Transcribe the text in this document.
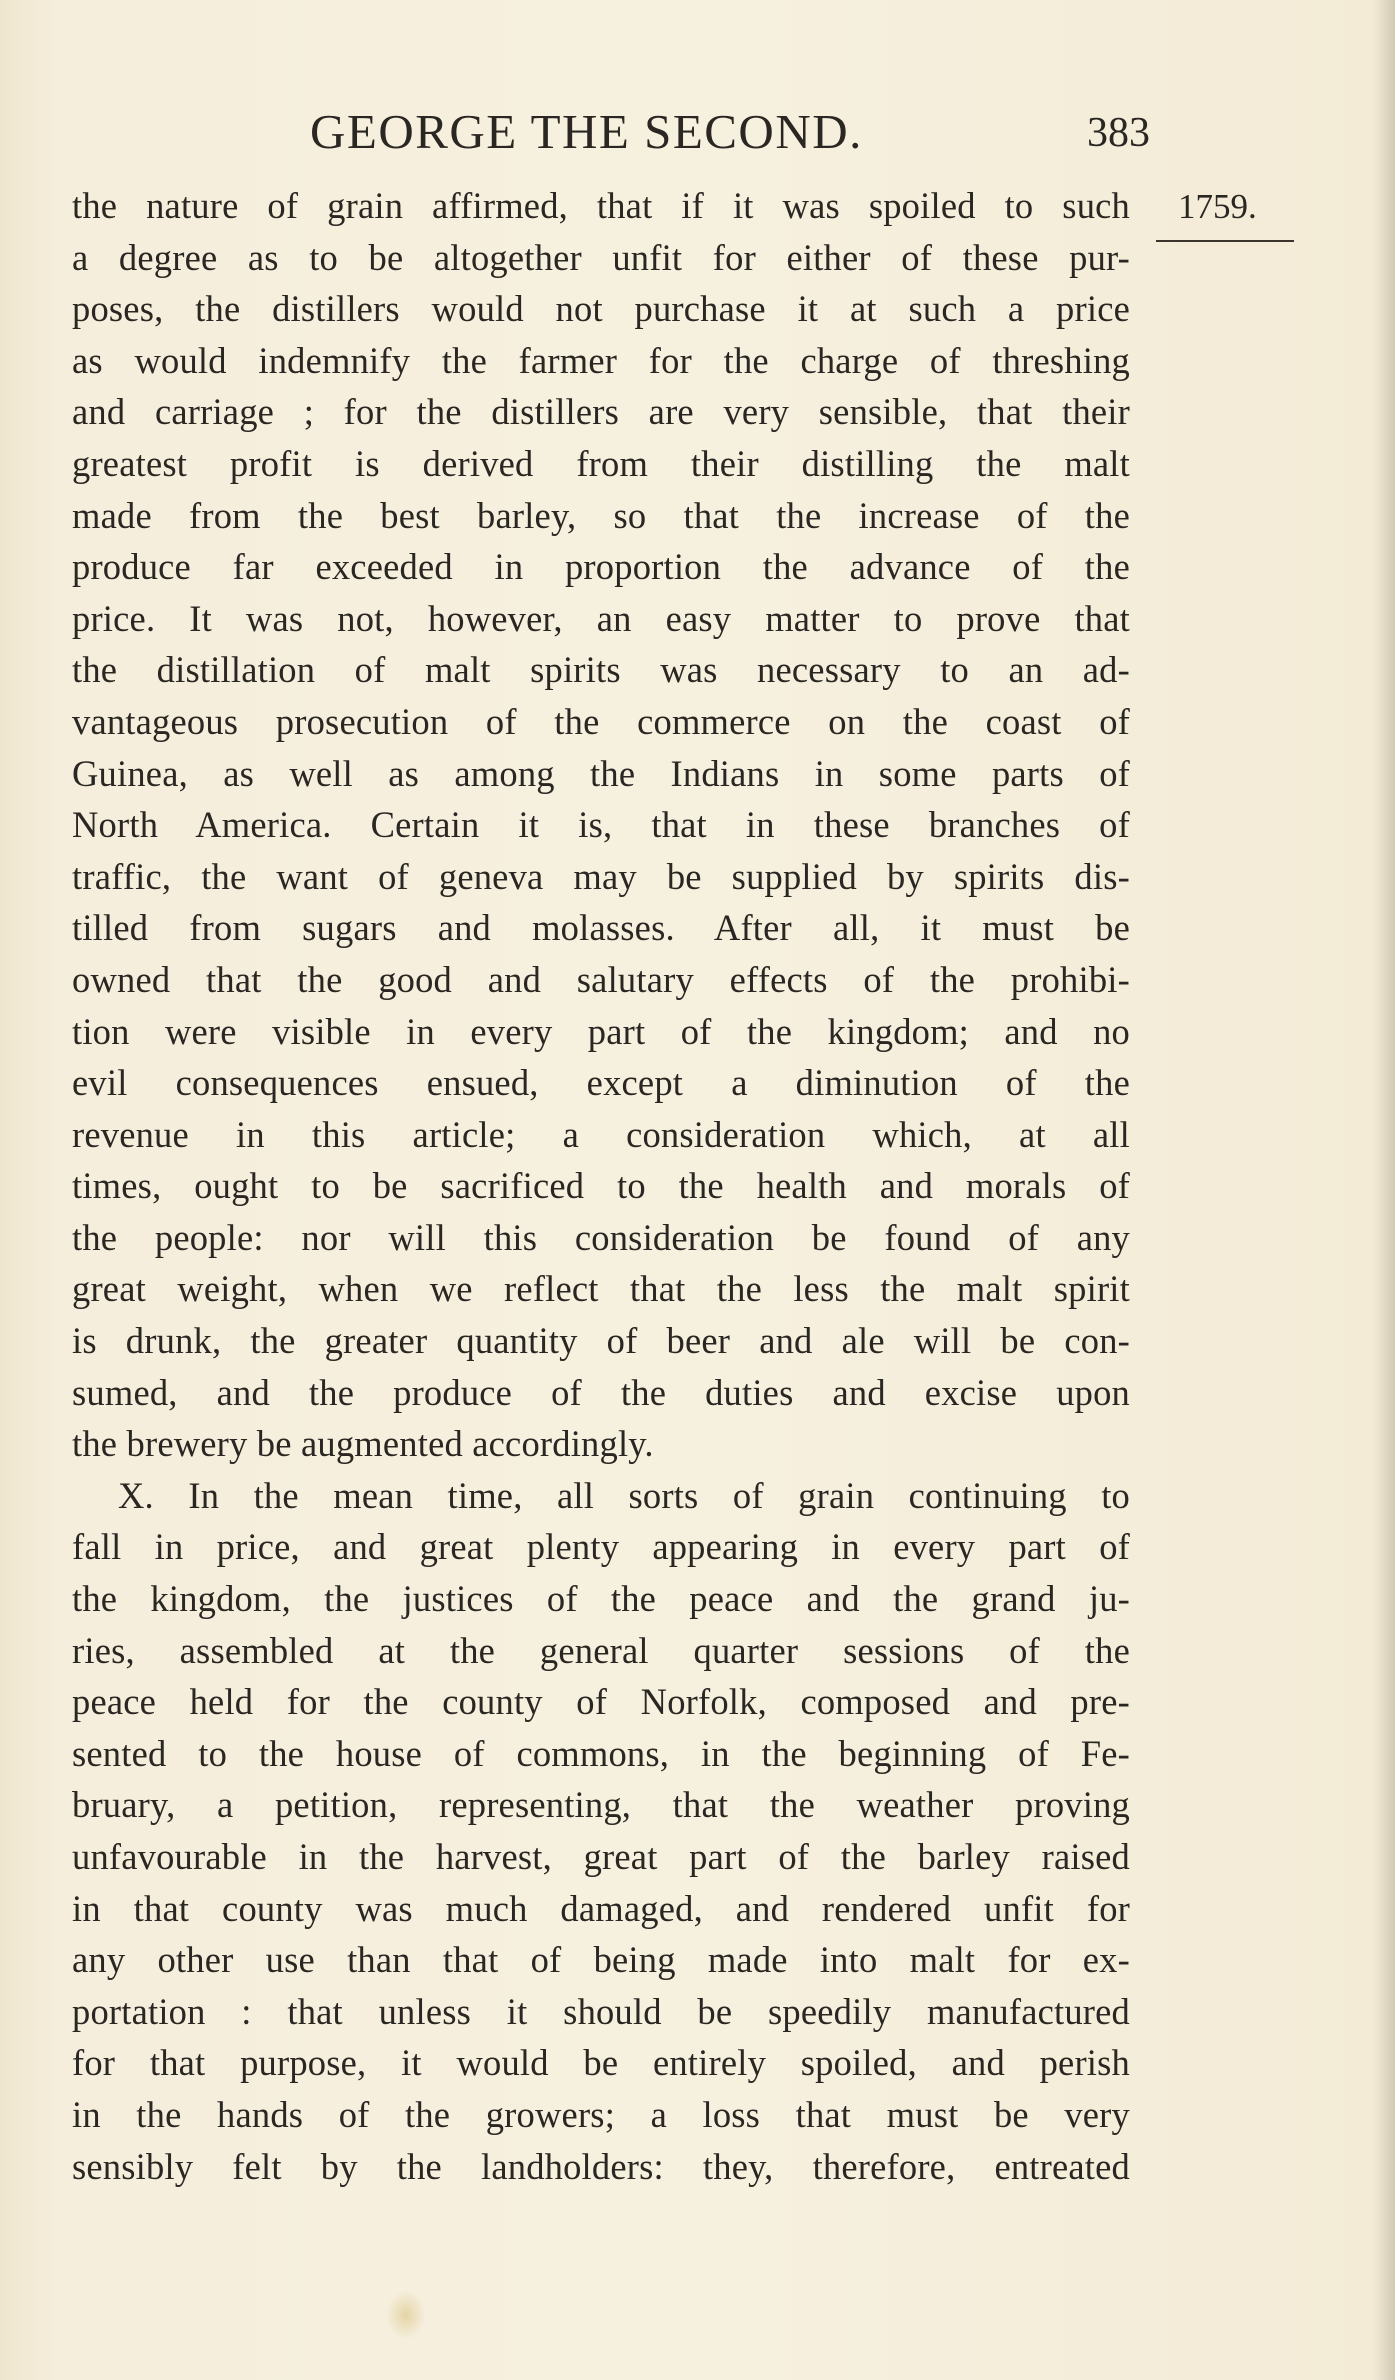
GEORGE THE SECOND.	383
1759.
the nature of grain affirmed, that if it was spoiled to such
a degree as to be altogether unfit for either of these pur-
poses, the distillers would not purchase it at such a price
as would indemnify the farmer for the charge of threshing
and carriage ; for the distillers are very sensible, that their
greatest profit is derived from their distilling the malt
made from the best barley, so that the increase of the
produce far exceeded in proportion the advance of the
price. It was not, however, an easy matter to prove that
the distillation of malt spirits was necessary to an ad-
vantageous prosecution of the commerce on the coast of
Guinea, as well as among the Indians in some parts of
North America. Certain it is, that in these branches of
traffic, the want of geneva may be supplied by spirits dis-
tilled from sugars and molasses. After all, it must be
owned that the good and salutary effects of the prohibi-
tion were visible in every part of the kingdom; and no
evil consequences ensued, except a diminution of the
revenue in this article; a consideration which, at all
times, ought to be sacrificed to the health and morals of
the people: nor will this consideration be found of any
great weight, when we reflect that the less the malt spirit
is drunk, the greater quantity of beer and ale will be con-
sumed, and the produce of the duties and excise upon
the brewery be augmented accordingly.
X. In the mean time, all sorts of grain continuing to
fall in price, and great plenty appearing in every part of
the kingdom, the justices of the peace and the grand ju-
ries, assembled at the general quarter sessions of the
peace held for the county of Norfolk, composed and pre-
sented to the house of commons, in the beginning of Fe-
bruary, a petition, representing, that the weather proving
unfavourable in the harvest, great part of the barley raised
in that county was much damaged, and rendered unfit for
any other use than that of being made into malt for ex-
portation : that unless it should be speedily manufactured
for that purpose, it would be entirely spoiled, and perish
in the hands of the growers; a loss that must be very
sensibly felt by the landholders: they, therefore, entreated
